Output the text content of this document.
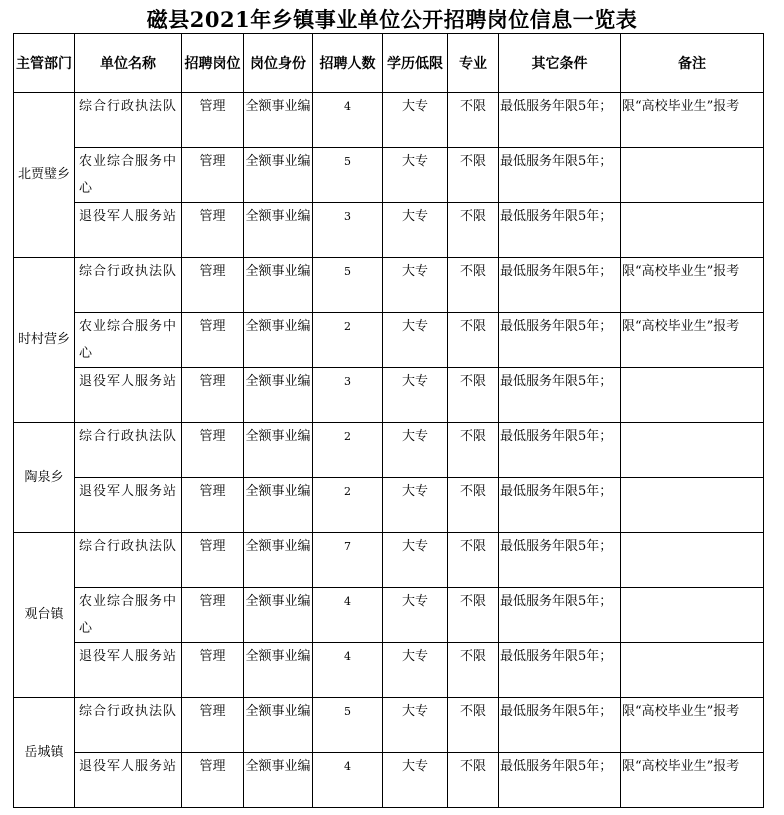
磁县2021年乡镇事业单位公开招聘岗位信息一览表
主管部门	单位名称	招聘岗位	岗位身份	招聘人数	学历低限	专业	其它条件	备注
北贾璧乡	综合行政执法队	管理	全额事业编	4	大专	不限	最低服务年限5年；	限“高校毕业生”报考

	农业综合服务中心	管理	全额事业编	5	大专	不限	最低服务年限5年；	

	退役军人服务站	管理	全额事业编	3	大专	不限	最低服务年限5年；	
时村营乡	综合行政执法队	管理	全额事业编	5	大专	不限	最低服务年限5年；	限“高校毕业生”报考

	农业综合服务中心	管理	全额事业编	2	大专	不限	最低服务年限5年；	限“高校毕业生”报考

	退役军人服务站	管理	全额事业编	3	大专	不限	最低服务年限5年；	
陶泉乡	综合行政执法队	管理	全额事业编	2	大专	不限	最低服务年限5年；	

	退役军人服务站	管理	全额事业编	2	大专	不限	最低服务年限5年；	
观台镇	综合行政执法队	管理	全额事业编	7	大专	不限	最低服务年限5年；	

	农业综合服务中心	管理	全额事业编	4	大专	不限	最低服务年限5年；	

	退役军人服务站	管理	全额事业编	4	大专	不限	最低服务年限5年；	
岳城镇	综合行政执法队	管理	全额事业编	5	大专	不限	最低服务年限5年；	限“高校毕业生”报考

	退役军人服务站	管理	全额事业编	4	大专	不限	最低服务年限5年；	限“高校毕业生”报考
